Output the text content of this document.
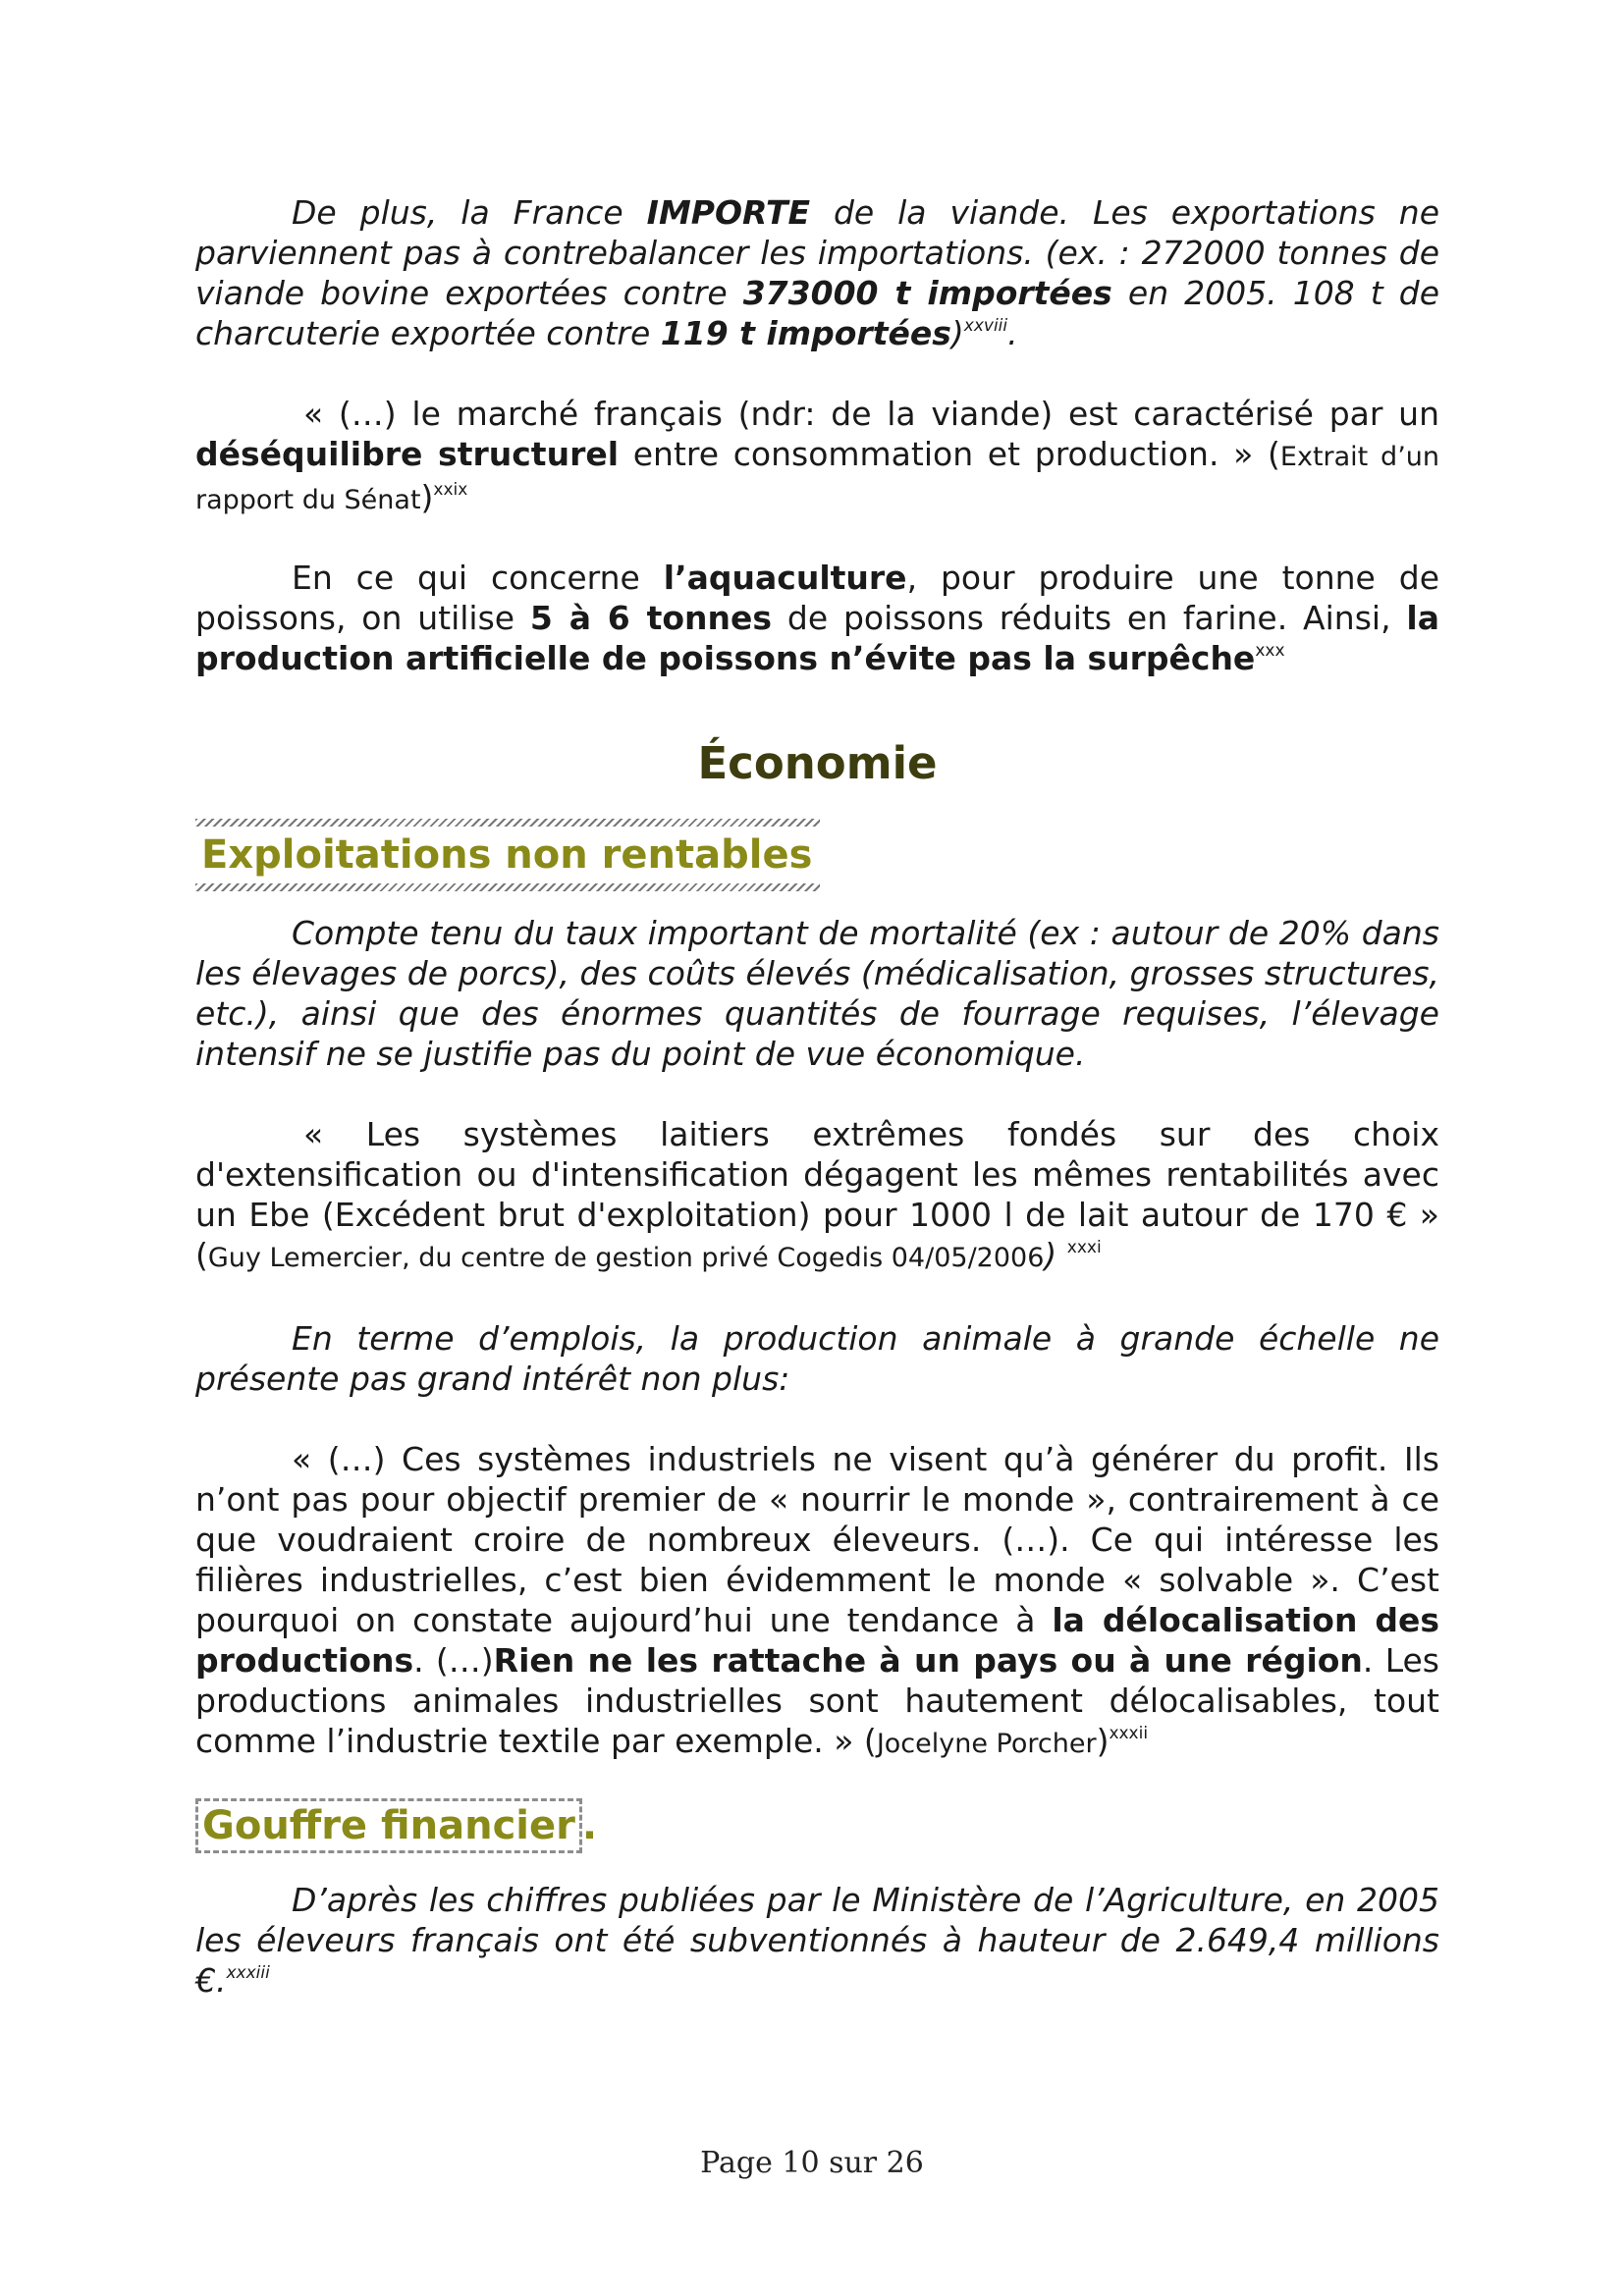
De plus, la France IMPORTE de la viande. Les exportations ne parviennent pas à contrebalancer les importations. (ex. : 272000 tonnes de viande bovine exportées contre 373000 t importées en 2005. 108 t de charcuterie exportée contre 119 t importées)$^{xxviii}$.

« (…) le marché français (ndr: de la viande) est caractérisé par un déséquilibre structurel entre consommation et production. » (Extrait d’un rapport du Sénat)$^{xxix}$

En ce qui concerne l’aquaculture, pour produire une tonne de poissons, on utilise 5 à 6 tonnes de poissons réduits en farine. Ainsi, la production artificielle de poissons n’évite pas la surpêche$^{xxx}$

Économie
Exploitations non rentables

Compte tenu du taux important de mortalité (ex : autour de 20% dans les élevages de porcs), des coûts élevés (médicalisation, grosses structures, etc.), ainsi que des énormes quantités de fourrage requises, l’élevage intensif ne se justifie pas du point de vue économique.

« Les systèmes laitiers extrêmes fondés sur des choix d'extensification ou d'intensification dégagent les mêmes rentabilités avec un Ebe (Excédent brut d'exploitation) pour 1000 l de lait autour de 170 € » (Guy Lemercier, du centre de gestion privé Cogedis 04/05/2006) $^{xxxi}$

En terme d’emplois, la production animale à grande échelle ne présente pas grand intérêt non plus:

« (…) Ces systèmes industriels ne visent qu’à générer du profit. Ils n’ont pas pour objectif premier de « nourrir le monde », contrairement à ce que voudraient croire de nombreux éleveurs. (…). Ce qui intéresse les filières industrielles, c’est bien évidemment le monde « solvable ». C’est pourquoi on constate aujourd’hui une tendance à la délocalisation des productions. (…)Rien ne les rattache à un pays ou à une région. Les productions animales industrielles sont hautement délocalisables, tout comme l’industrie textile par exemple. » (Jocelyne Porcher)$^{xxxii}$

Gouffre financier .

D’après les chiffres publiées par le Ministère de l’Agriculture, en 2005 les éleveurs français ont été subventionnés à hauteur de 2.649,4 millions €.$^{xxxiii}$

Page 10 sur 26
